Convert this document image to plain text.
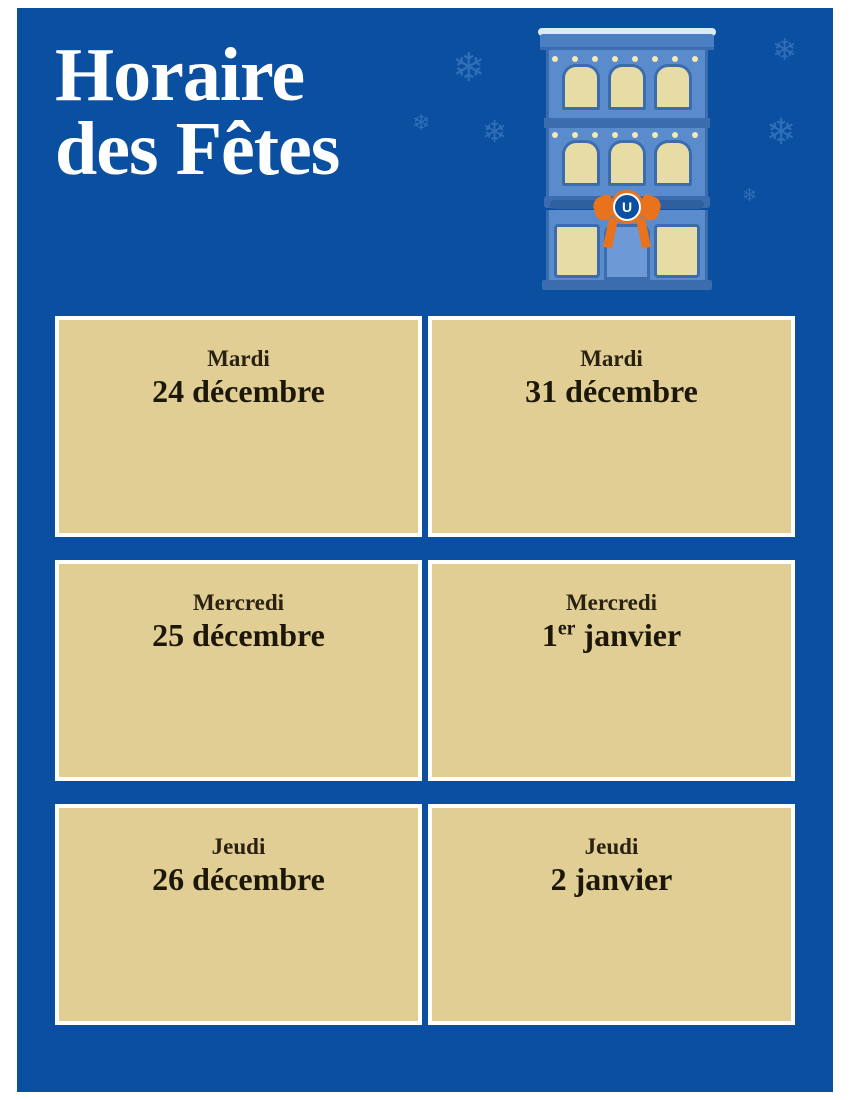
❄
❄ ❄
❄
❄
❄
Horaire
des Fêtes
U
Mardi
24 décembre
Mardi
31 décembre
Mercredi
25 décembre
Mercredi
1er janvier
Jeudi
26 décembre
Jeudi
2 janvier
